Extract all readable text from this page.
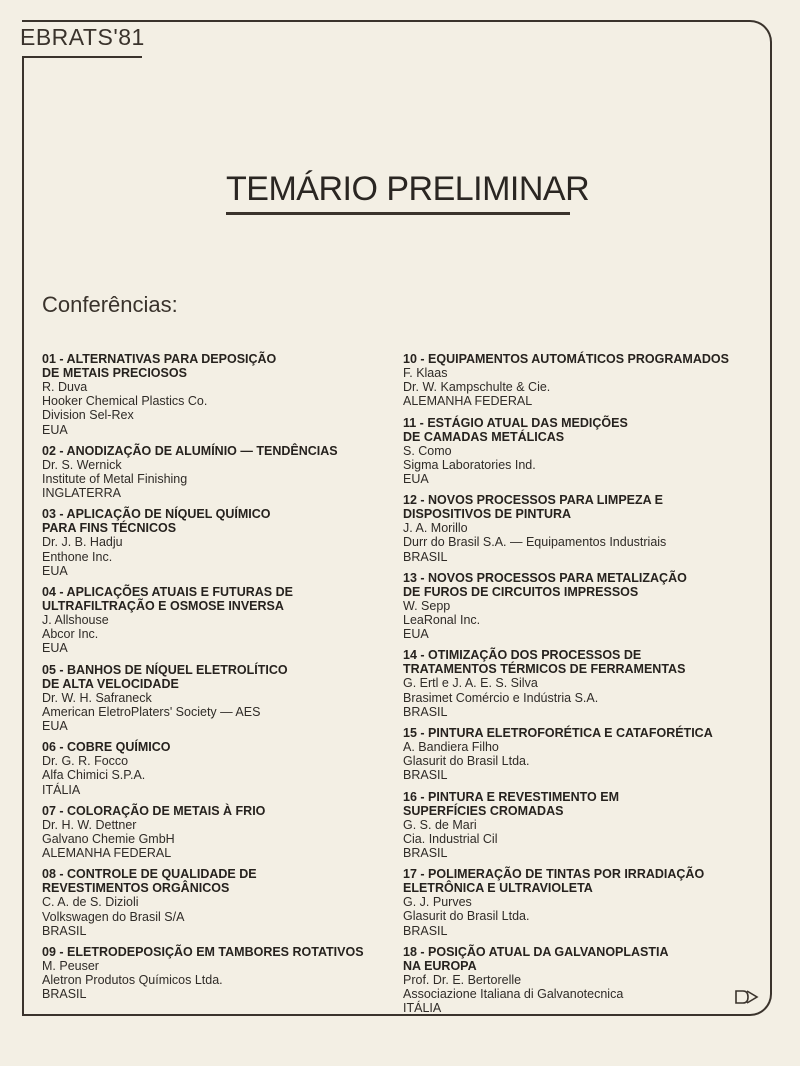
EBRATS'81
TEMÁRIO PRELIMINAR
Conferências:
01 - ALTERNATIVAS PARA DEPOSIÇÃO
DE METAIS PRECIOSOS
R. Duva
Hooker Chemical Plastics Co.
Division Sel-Rex
EUA
02 - ANODIZAÇÃO DE ALUMÍNIO — TENDÊNCIAS
Dr. S. Wernick
Institute of Metal Finishing
INGLATERRA
03 - APLICAÇÃO DE NÍQUEL QUÍMICO
PARA FINS TÉCNICOS
Dr. J. B. Hadju
Enthone Inc.
EUA
04 - APLICAÇÕES ATUAIS E FUTURAS DE
ULTRAFILTRAÇÃO E OSMOSE INVERSA
J. Allshouse
Abcor Inc.
EUA
05 - BANHOS DE NÍQUEL ELETROLÍTICO
DE ALTA VELOCIDADE
Dr. W. H. Safraneck
American EletroPlaters' Society — AES
EUA
06 - COBRE QUÍMICO
Dr. G. R. Focco
Alfa Chimici S.P.A.
ITÁLIA
07 - COLORAÇÃO DE METAIS À FRIO
Dr. H. W. Dettner
Galvano Chemie GmbH
ALEMANHA FEDERAL
08 - CONTROLE DE QUALIDADE DE
REVESTIMENTOS ORGÂNICOS
C. A. de S. Dizioli
Volkswagen do Brasil S/A
BRASIL
09 - ELETRODEPOSIÇÃO EM TAMBORES ROTATIVOS
M. Peuser
Aletron Produtos Químicos Ltda.
BRASIL
10 - EQUIPAMENTOS AUTOMÁTICOS PROGRAMADOS
F. Klaas
Dr. W. Kampschulte & Cie.
ALEMANHA FEDERAL
11 - ESTÁGIO ATUAL DAS MEDIÇÕES
DE CAMADAS METÁLICAS
S. Como
Sigma Laboratories Ind.
EUA
12 - NOVOS PROCESSOS PARA LIMPEZA E
DISPOSITIVOS DE PINTURA
J. A. Morillo
Durr do Brasil S.A. — Equipamentos Industriais
BRASIL
13 - NOVOS PROCESSOS PARA METALIZAÇÃO
DE FUROS DE CIRCUITOS IMPRESSOS
W. Sepp
LeaRonal Inc.
EUA
14 - OTIMIZAÇÃO DOS PROCESSOS DE
TRATAMENTOS TÉRMICOS DE FERRAMENTAS
G. Ertl e J. A. E. S. Silva
Brasimet Comércio e Indústria S.A.
BRASIL
15 - PINTURA ELETROFORÉTICA E CATAFORÉTICA
A. Bandiera Filho
Glasurit do Brasil Ltda.
BRASIL
16 - PINTURA E REVESTIMENTO EM
SUPERFÍCIES CROMADAS
G. S. de Mari
Cia. Industrial Cil
BRASIL
17 - POLIMERAÇÃO DE TINTAS POR IRRADIAÇÃO
ELETRÔNICA E ULTRAVIOLETA
G. J. Purves
Glasurit do Brasil Ltda.
BRASIL
18 - POSIÇÃO ATUAL DA GALVANOPLASTIA
NA EUROPA
Prof. Dr. E. Bertorelle
Associazione Italiana di Galvanotecnica
ITÁLIA
